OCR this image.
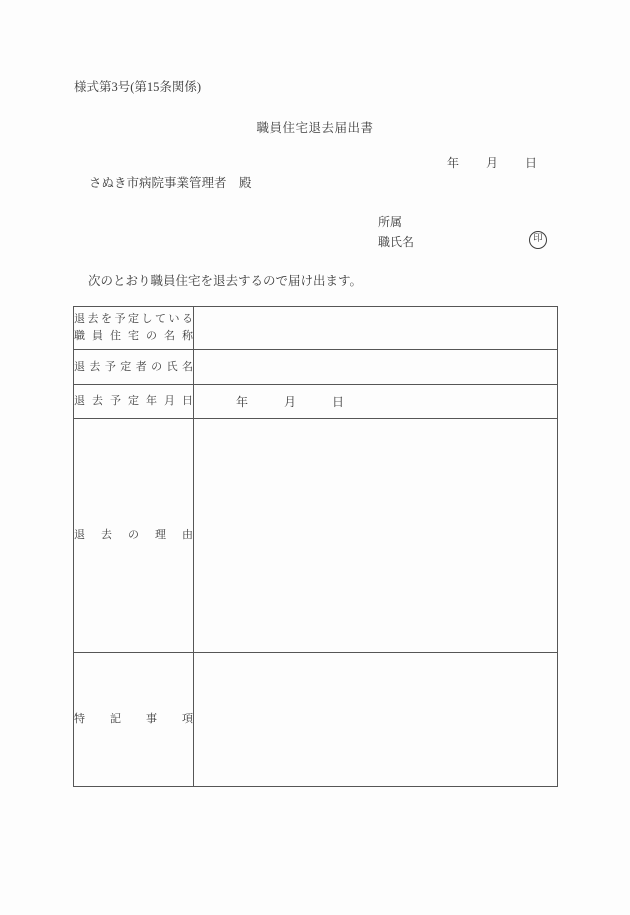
様式第3号(第15条関係)
職員住宅退去届出書
年 月 日
さぬき市病院事業管理者　殿
所属
職氏名	印
次のとおり職員住宅を退去するので届け出ます。
退去を予定している
職員住宅の名称	

退去予定者の氏名	

退去予定年月日	年 月 日

退去の理由	

特記事項	
